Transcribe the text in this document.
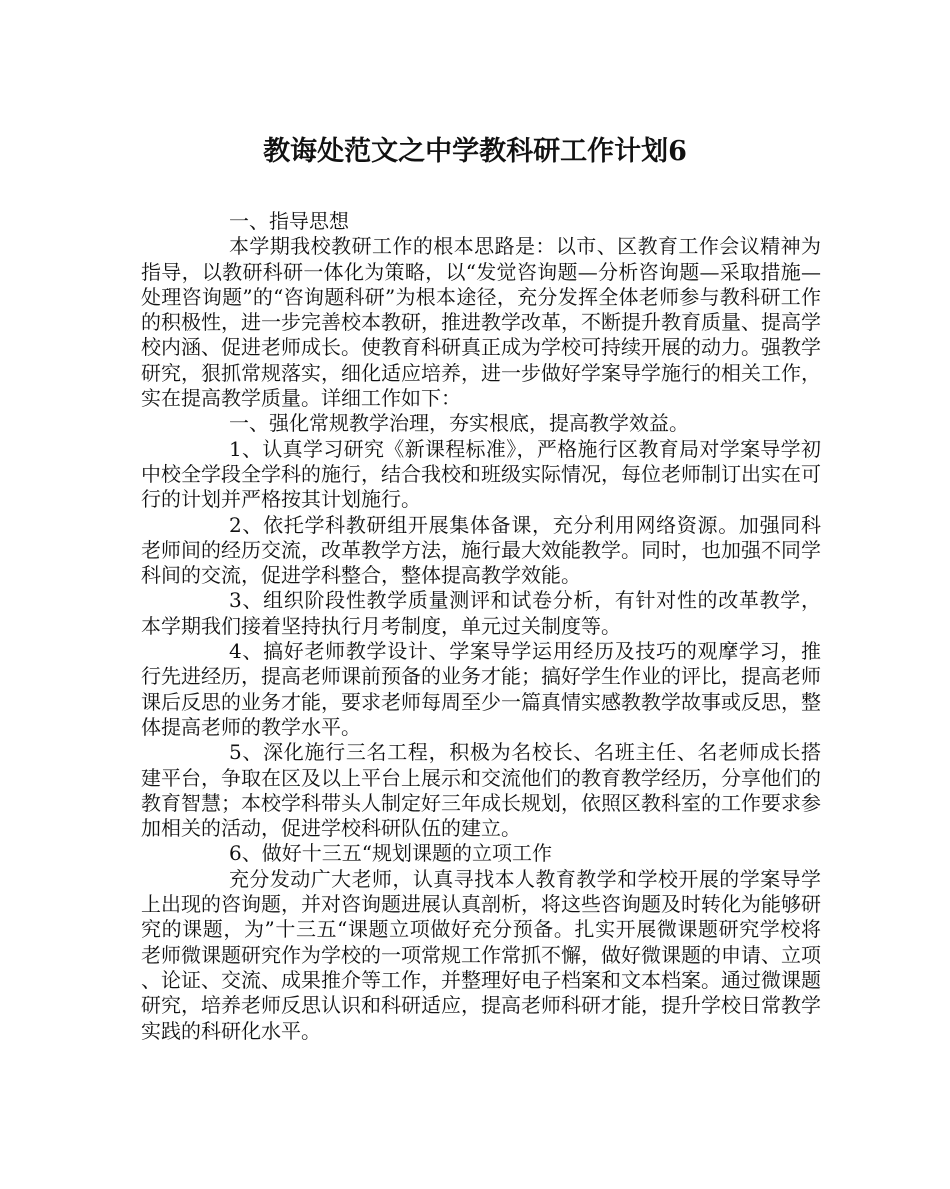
教诲处范文之中学教科研工作计划6

一、指导思想

本学期我校教研工作的根本思路是：以市、区教育工作会议精神为指导，以教研科研一体化为策略，以“发觉咨询题—分析咨询题—采取措施—处理咨询题”的“咨询题科研”为根本途径，充分发挥全体老师参与教科研工作的积极性，进一步完善校本教研，推进教学改革，不断提升教育质量、提高学校内涵、促进老师成长。使教育科研真正成为学校可持续开展的动力。强教学研究，狠抓常规落实，细化适应培养，进一步做好学案导学施行的相关工作，实在提高教学质量。详细工作如下：

一、强化常规教学治理，夯实根底，提高教学效益。

1、认真学习研究《新课程标准》，严格施行区教育局对学案导学初中校全学段全学科的施行，结合我校和班级实际情况，每位老师制订出实在可行的计划并严格按其计划施行。

2、依托学科教研组开展集体备课，充分利用网络资源。加强同科老师间的经历交流，改革教学方法，施行最大效能教学。同时，也加强不同学科间的交流，促进学科整合，整体提高教学效能。

3、组织阶段性教学质量测评和试卷分析，有针对性的改革教学，本学期我们接着坚持执行月考制度，单元过关制度等。

4、搞好老师教学设计、学案导学运用经历及技巧的观摩学习，推行先进经历，提高老师课前预备的业务才能；搞好学生作业的评比，提高老师课后反思的业务才能，要求老师每周至少一篇真情实感教教学故事或反思，整体提高老师的教学水平。

5、深化施行三名工程，积极为名校长、名班主任、名老师成长搭建平台，争取在区及以上平台上展示和交流他们的教育教学经历，分享他们的教育智慧；本校学科带头人制定好三年成长规划，依照区教科室的工作要求参加相关的活动，促进学校科研队伍的建立。

6、做好十三五“规划课题的立项工作

充分发动广大老师，认真寻找本人教育教学和学校开展的学案导学上出现的咨询题，并对咨询题进展认真剖析，将这些咨询题及时转化为能够研究的课题，为”十三五“课题立项做好充分预备。扎实开展微课题研究学校将老师微课题研究作为学校的一项常规工作常抓不懈，做好微课题的申请、立项、论证、交流、成果推介等工作，并整理好电子档案和文本档案。通过微课题研究，培养老师反思认识和科研适应，提高老师科研才能，提升学校日常教学实践的科研化水平。
